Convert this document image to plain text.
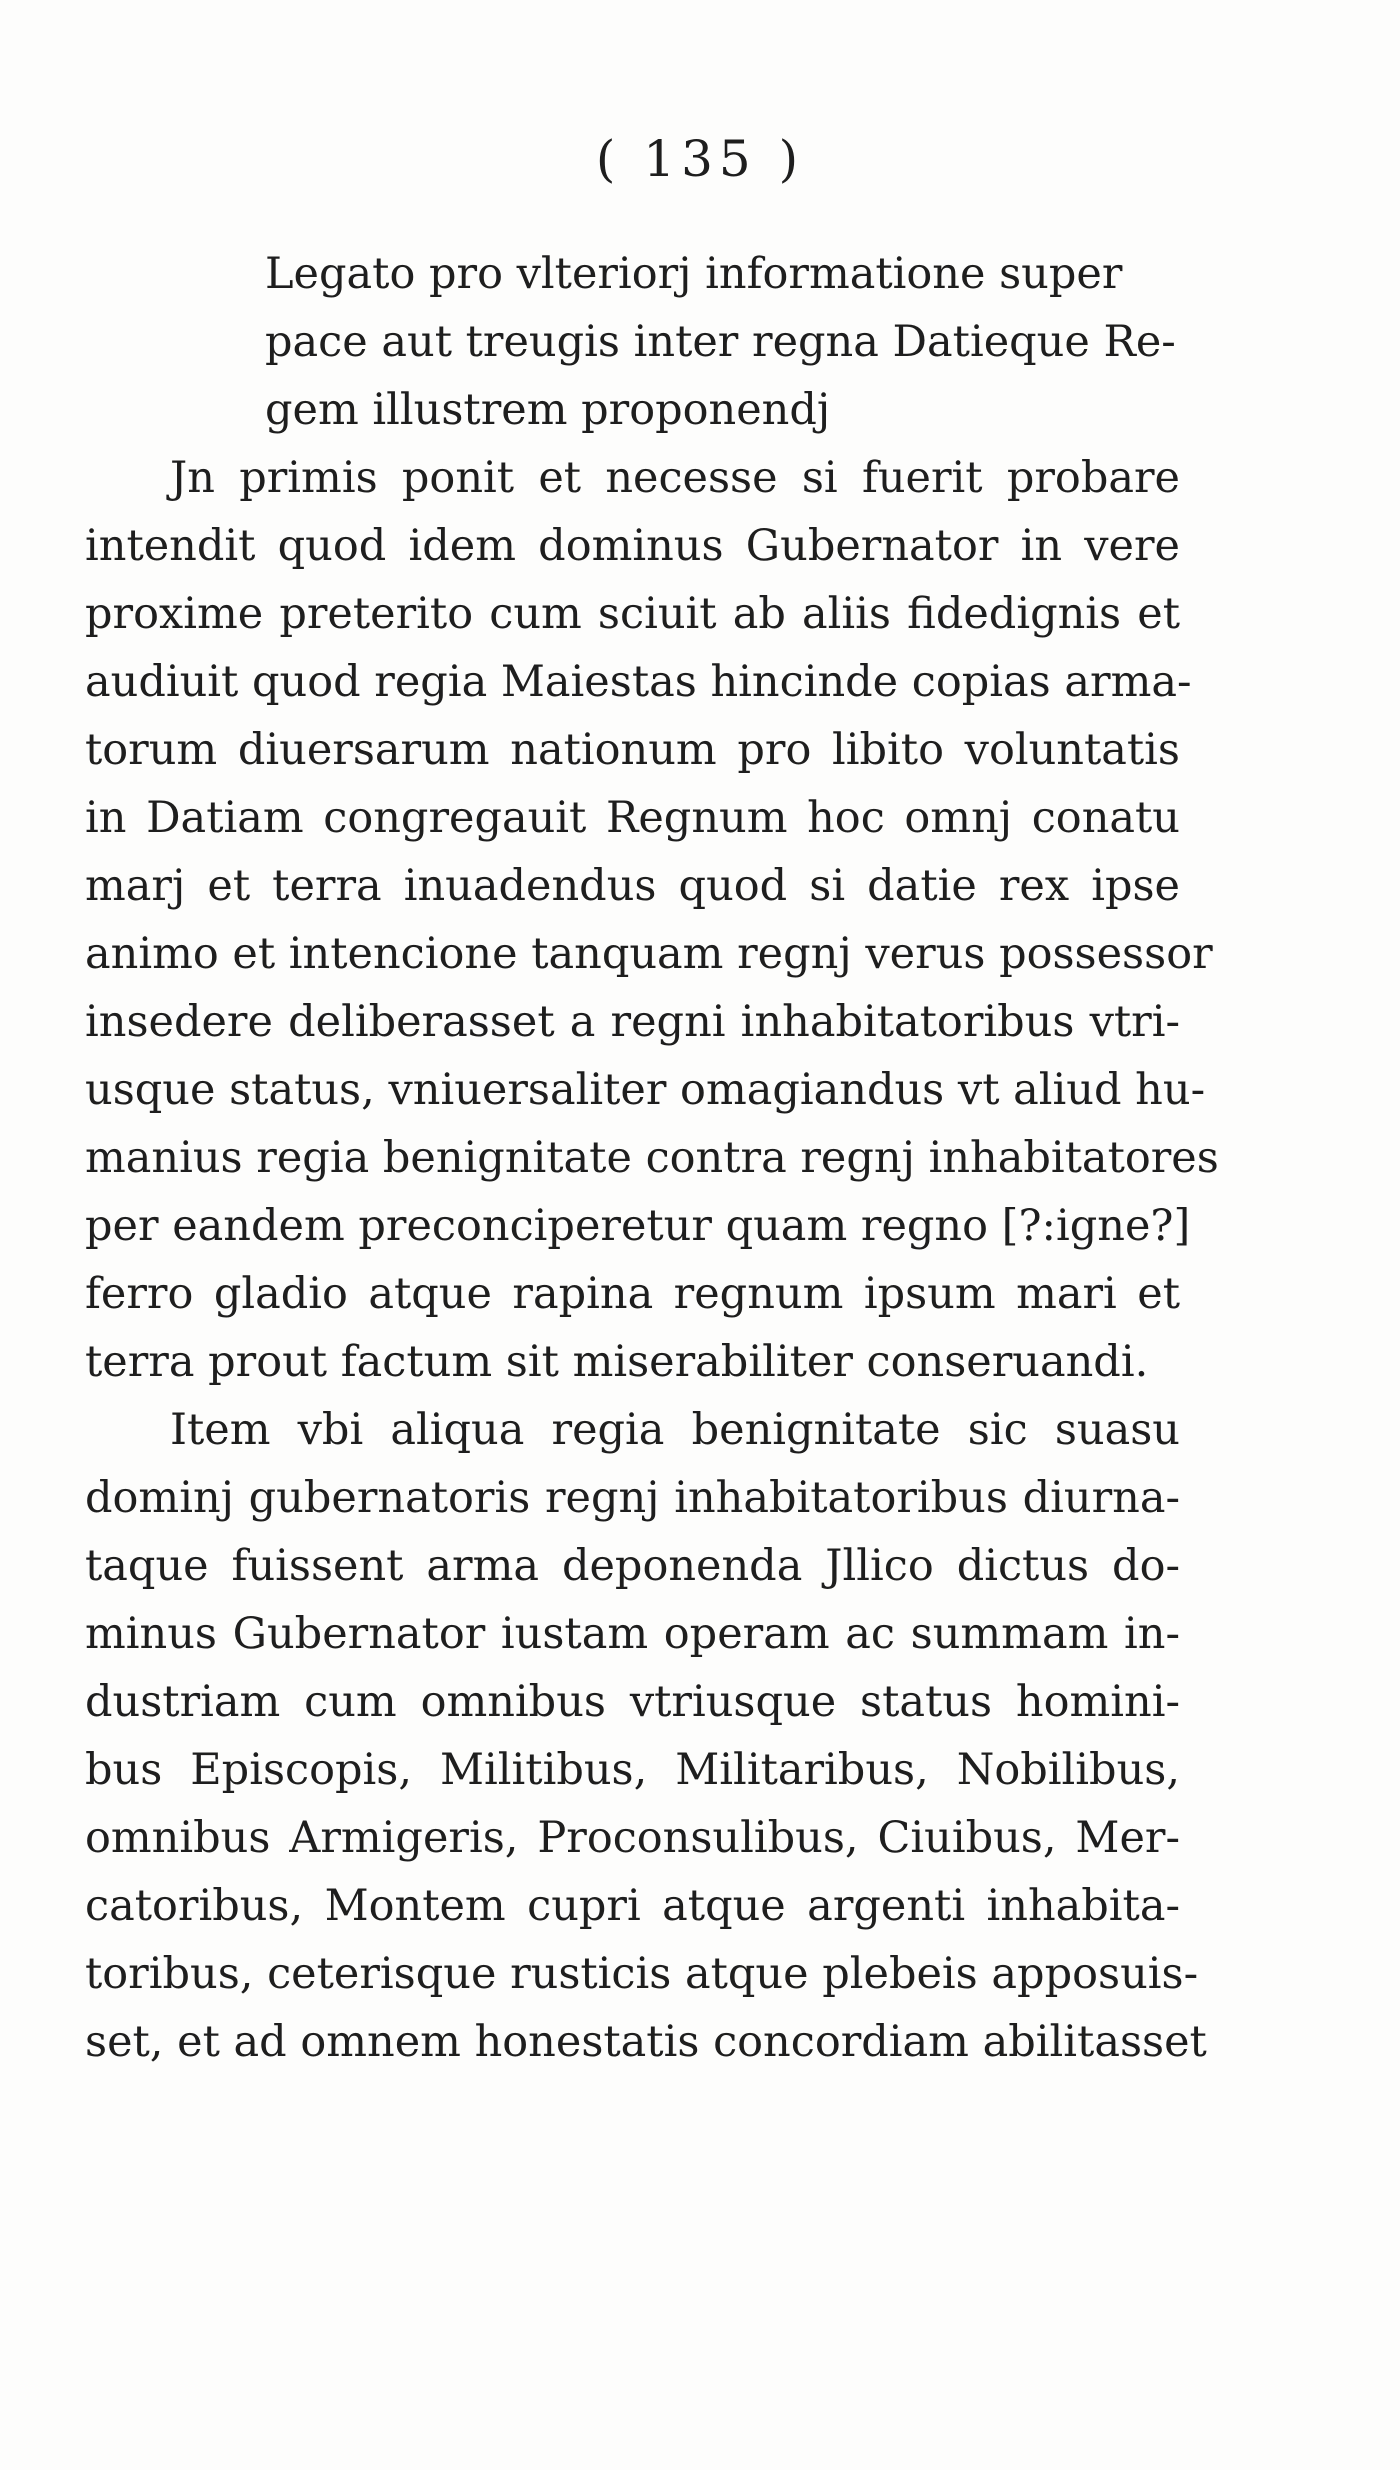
( 135 )
Legato pro vlteriorj informatione super
pace aut treugis inter regna Datieque Re-
gem illustrem proponendj
Jn primis ponit et necesse si fuerit probare
intendit quod idem dominus Gubernator in vere
proxime preterito cum sciuit ab aliis fidedignis et
audiuit quod regia Maiestas hincinde copias arma-
torum diuersarum nationum pro libito voluntatis
in Datiam congregauit Regnum hoc omnj conatu
marj et terra inuadendus quod si datie rex ipse
animo et intencione tanquam regnj verus possessor
insedere deliberasset a regni inhabitatoribus vtri-
usque status, vniuersaliter omagiandus vt aliud hu-
manius regia benignitate contra regnj inhabitatores
per eandem preconciperetur quam regno [?:igne?]
ferro gladio atque rapina regnum ipsum mari et
terra prout factum sit miserabiliter conseruandi.
Item vbi aliqua regia benignitate sic suasu
dominj gubernatoris regnj inhabitatoribus diurna-
taque fuissent arma deponenda Jllico dictus do-
minus Gubernator iustam operam ac summam in-
dustriam cum omnibus vtriusque status homini-
bus Episcopis, Militibus, Militaribus, Nobilibus,
omnibus Armigeris, Proconsulibus, Ciuibus, Mer-
catoribus, Montem cupri atque argenti inhabita-
toribus, ceterisque rusticis atque plebeis apposuis-
set, et ad omnem honestatis concordiam abilitasset
